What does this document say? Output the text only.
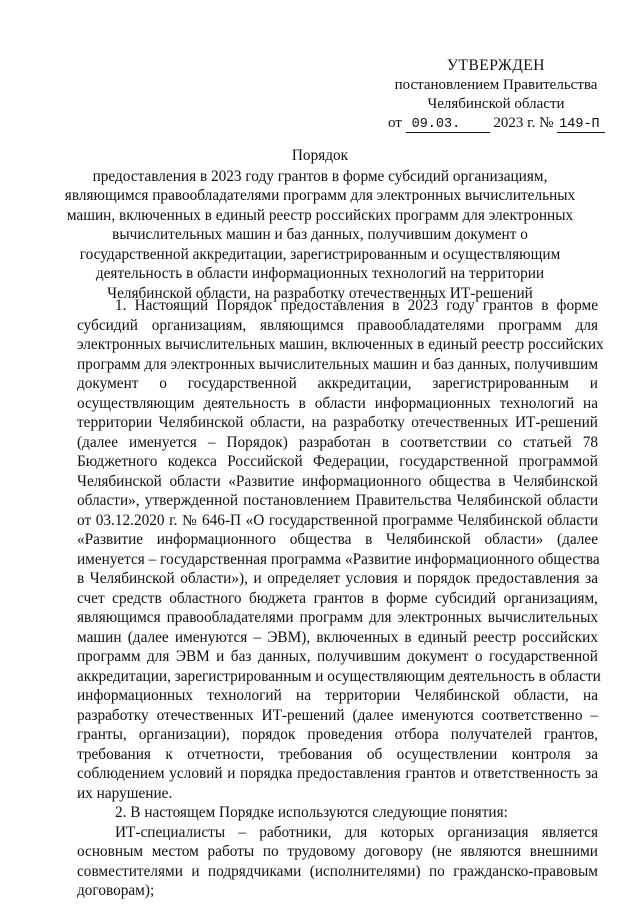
УТВЕРЖДЕН
постановлением Правительства
Челябинской области
от 09.03. 2023 г. № 149-П
Порядок
предоставления в 2023 году грантов в форме субсидий организациям,
являющимся правообладателями программ для электронных вычислительных
машин, включенных в единый реестр российских программ для электронных
вычислительных машин и баз данных, получившим документ о
государственной аккредитации, зарегистрированным и осуществляющим
деятельность в области информационных технологий на территории
Челябинской области, на разработку отечественных ИТ-решений
1. Настоящий Порядок предоставления в 2023 году грантов в форме
субсидий организациям, являющимся правообладателями программ для
электронных вычислительных машин, включенных в единый реестр российских
программ для электронных вычислительных машин и баз данных, получившим
документ о государственной аккредитации, зарегистрированным и
осуществляющим деятельность в области информационных технологий на
территории Челябинской области, на разработку отечественных ИТ-решений
(далее именуется – Порядок) разработан в соответствии со статьей 78
Бюджетного кодекса Российской Федерации, государственной программой
Челябинской области «Развитие информационного общества в Челябинской
области», утвержденной постановлением Правительства Челябинской области
от 03.12.2020 г. № 646-П «О государственной программе Челябинской области
«Развитие информационного общества в Челябинской области» (далее
именуется – государственная программа «Развитие информационного общества
в Челябинской области»), и определяет условия и порядок предоставления за
счет средств областного бюджета грантов в форме субсидий организациям,
являющимся правообладателями программ для электронных вычислительных
машин (далее именуются – ЭВМ), включенных в единый реестр российских
программ для ЭВМ и баз данных, получившим документ о государственной
аккредитации, зарегистрированным и осуществляющим деятельность в области
информационных технологий на территории Челябинской области, на
разработку отечественных ИТ-решений (далее именуются соответственно –
гранты, организации), порядок проведения отбора получателей грантов,
требования к отчетности, требования об осуществлении контроля за
соблюдением условий и порядка предоставления грантов и ответственность за
их нарушение.
2. В настоящем Порядке используются следующие понятия:
ИТ-специалисты – работники, для которых организация является
основным местом работы по трудовому договору (не являются внешними
совместителями и подрядчиками (исполнителями) по гражданско-правовым
договорам);
